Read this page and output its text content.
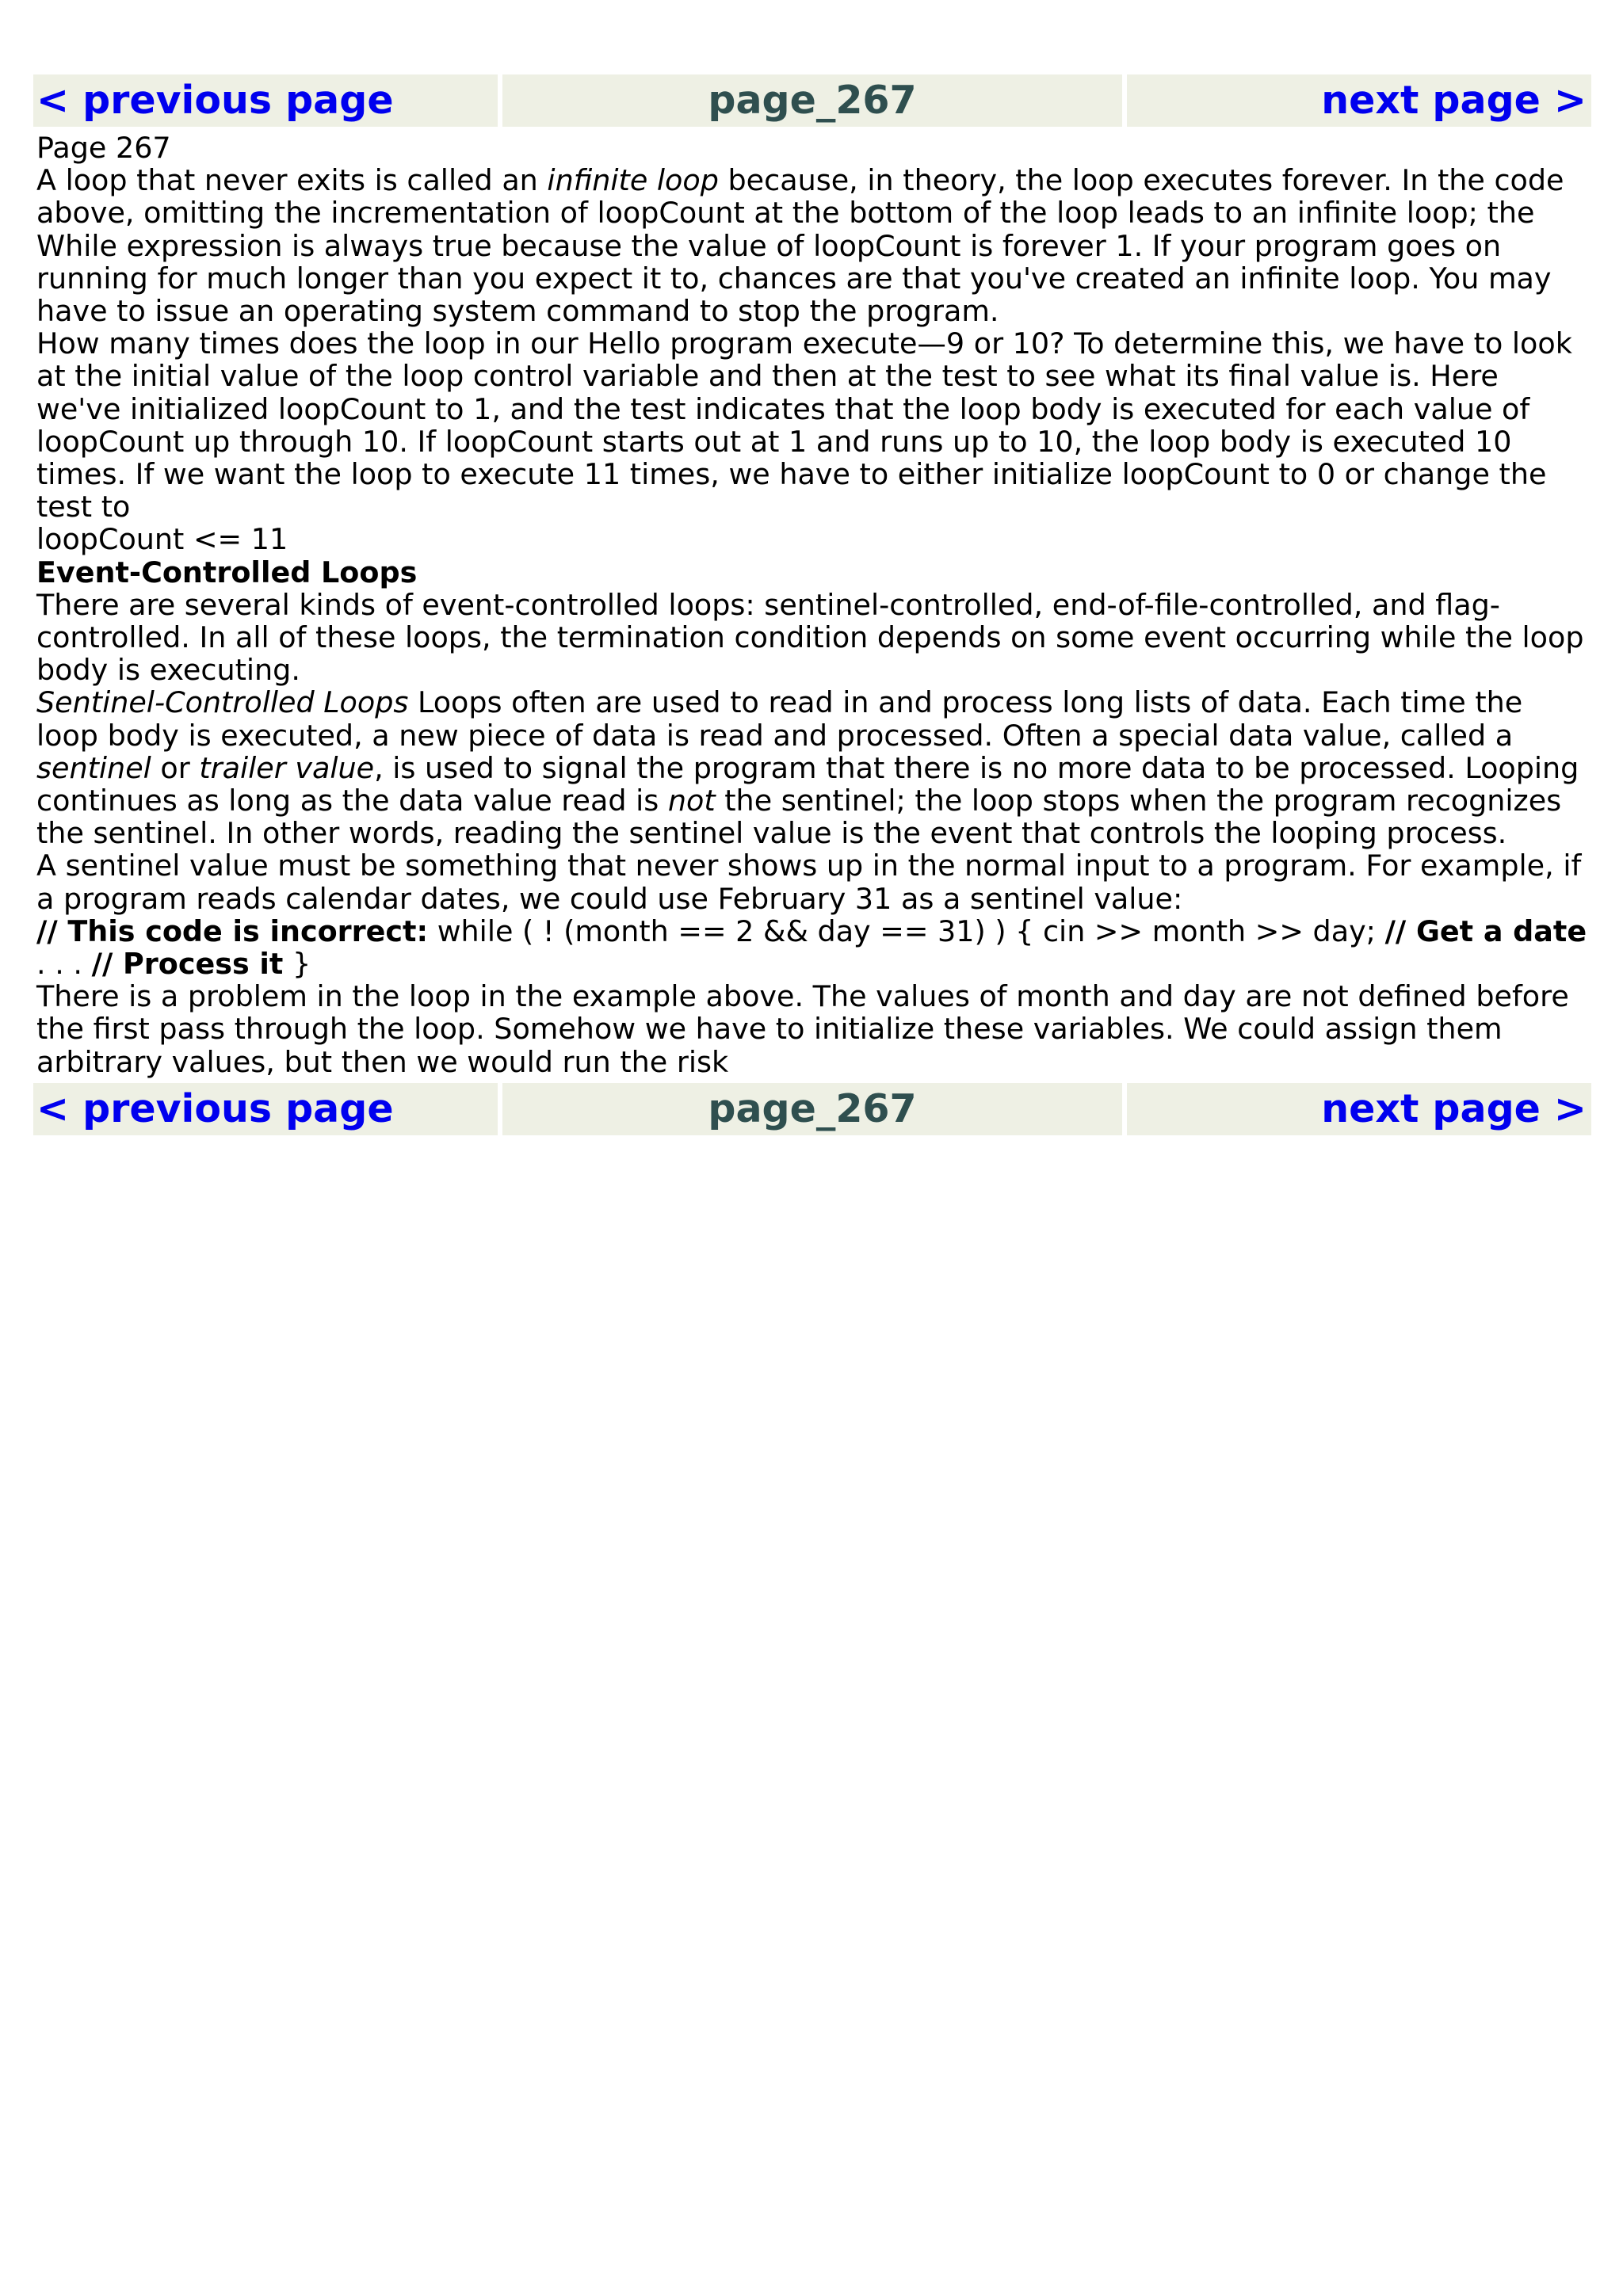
< previous page	page_267	next page >

Page 267

A loop that never exits is called an infinite loop because, in theory, the loop executes forever. In the code above, omitting the incrementation of loopCount at the bottom of the loop leads to an infinite loop; the While expression is always true because the value of loopCount is forever 1. If your program goes on running for much longer than you expect it to, chances are that you've created an infinite loop. You may have to issue an operating system command to stop the program.

How many times does the loop in our Hello program execute—9 or 10? To determine this, we have to look at the initial value of the loop control variable and then at the test to see what its final value is. Here we've initialized loopCount to 1, and the test indicates that the loop body is executed for each value of loopCount up through 10. If loopCount starts out at 1 and runs up to 10, the loop body is executed 10 times. If we want the loop to execute 11 times, we have to either initialize loopCount to 0 or change the test to

loopCount <= 11

Event-Controlled Loops

There are several kinds of event-controlled loops: sentinel-controlled, end-of-file-controlled, and flag-controlled. In all of these loops, the termination condition depends on some event occurring while the loop body is executing.

Sentinel-Controlled Loops Loops often are used to read in and process long lists of data. Each time the loop body is executed, a new piece of data is read and processed. Often a special data value, called a sentinel or trailer value, is used to signal the program that there is no more data to be processed. Looping continues as long as the data value read is not the sentinel; the loop stops when the program recognizes the sentinel. In other words, reading the sentinel value is the event that controls the looping process.

A sentinel value must be something that never shows up in the normal input to a program. For example, if a program reads calendar dates, we could use February 31 as a sentinel value:

// This code is incorrect: while ( ! (month == 2 && day == 31) ) { cin >> month >> day; // Get a date . . . // Process it }

There is a problem in the loop in the example above. The values of month and day are not defined before the first pass through the loop. Somehow we have to initialize these variables. We could assign them arbitrary values, but then we would run the risk

< previous page	page_267	next page >
